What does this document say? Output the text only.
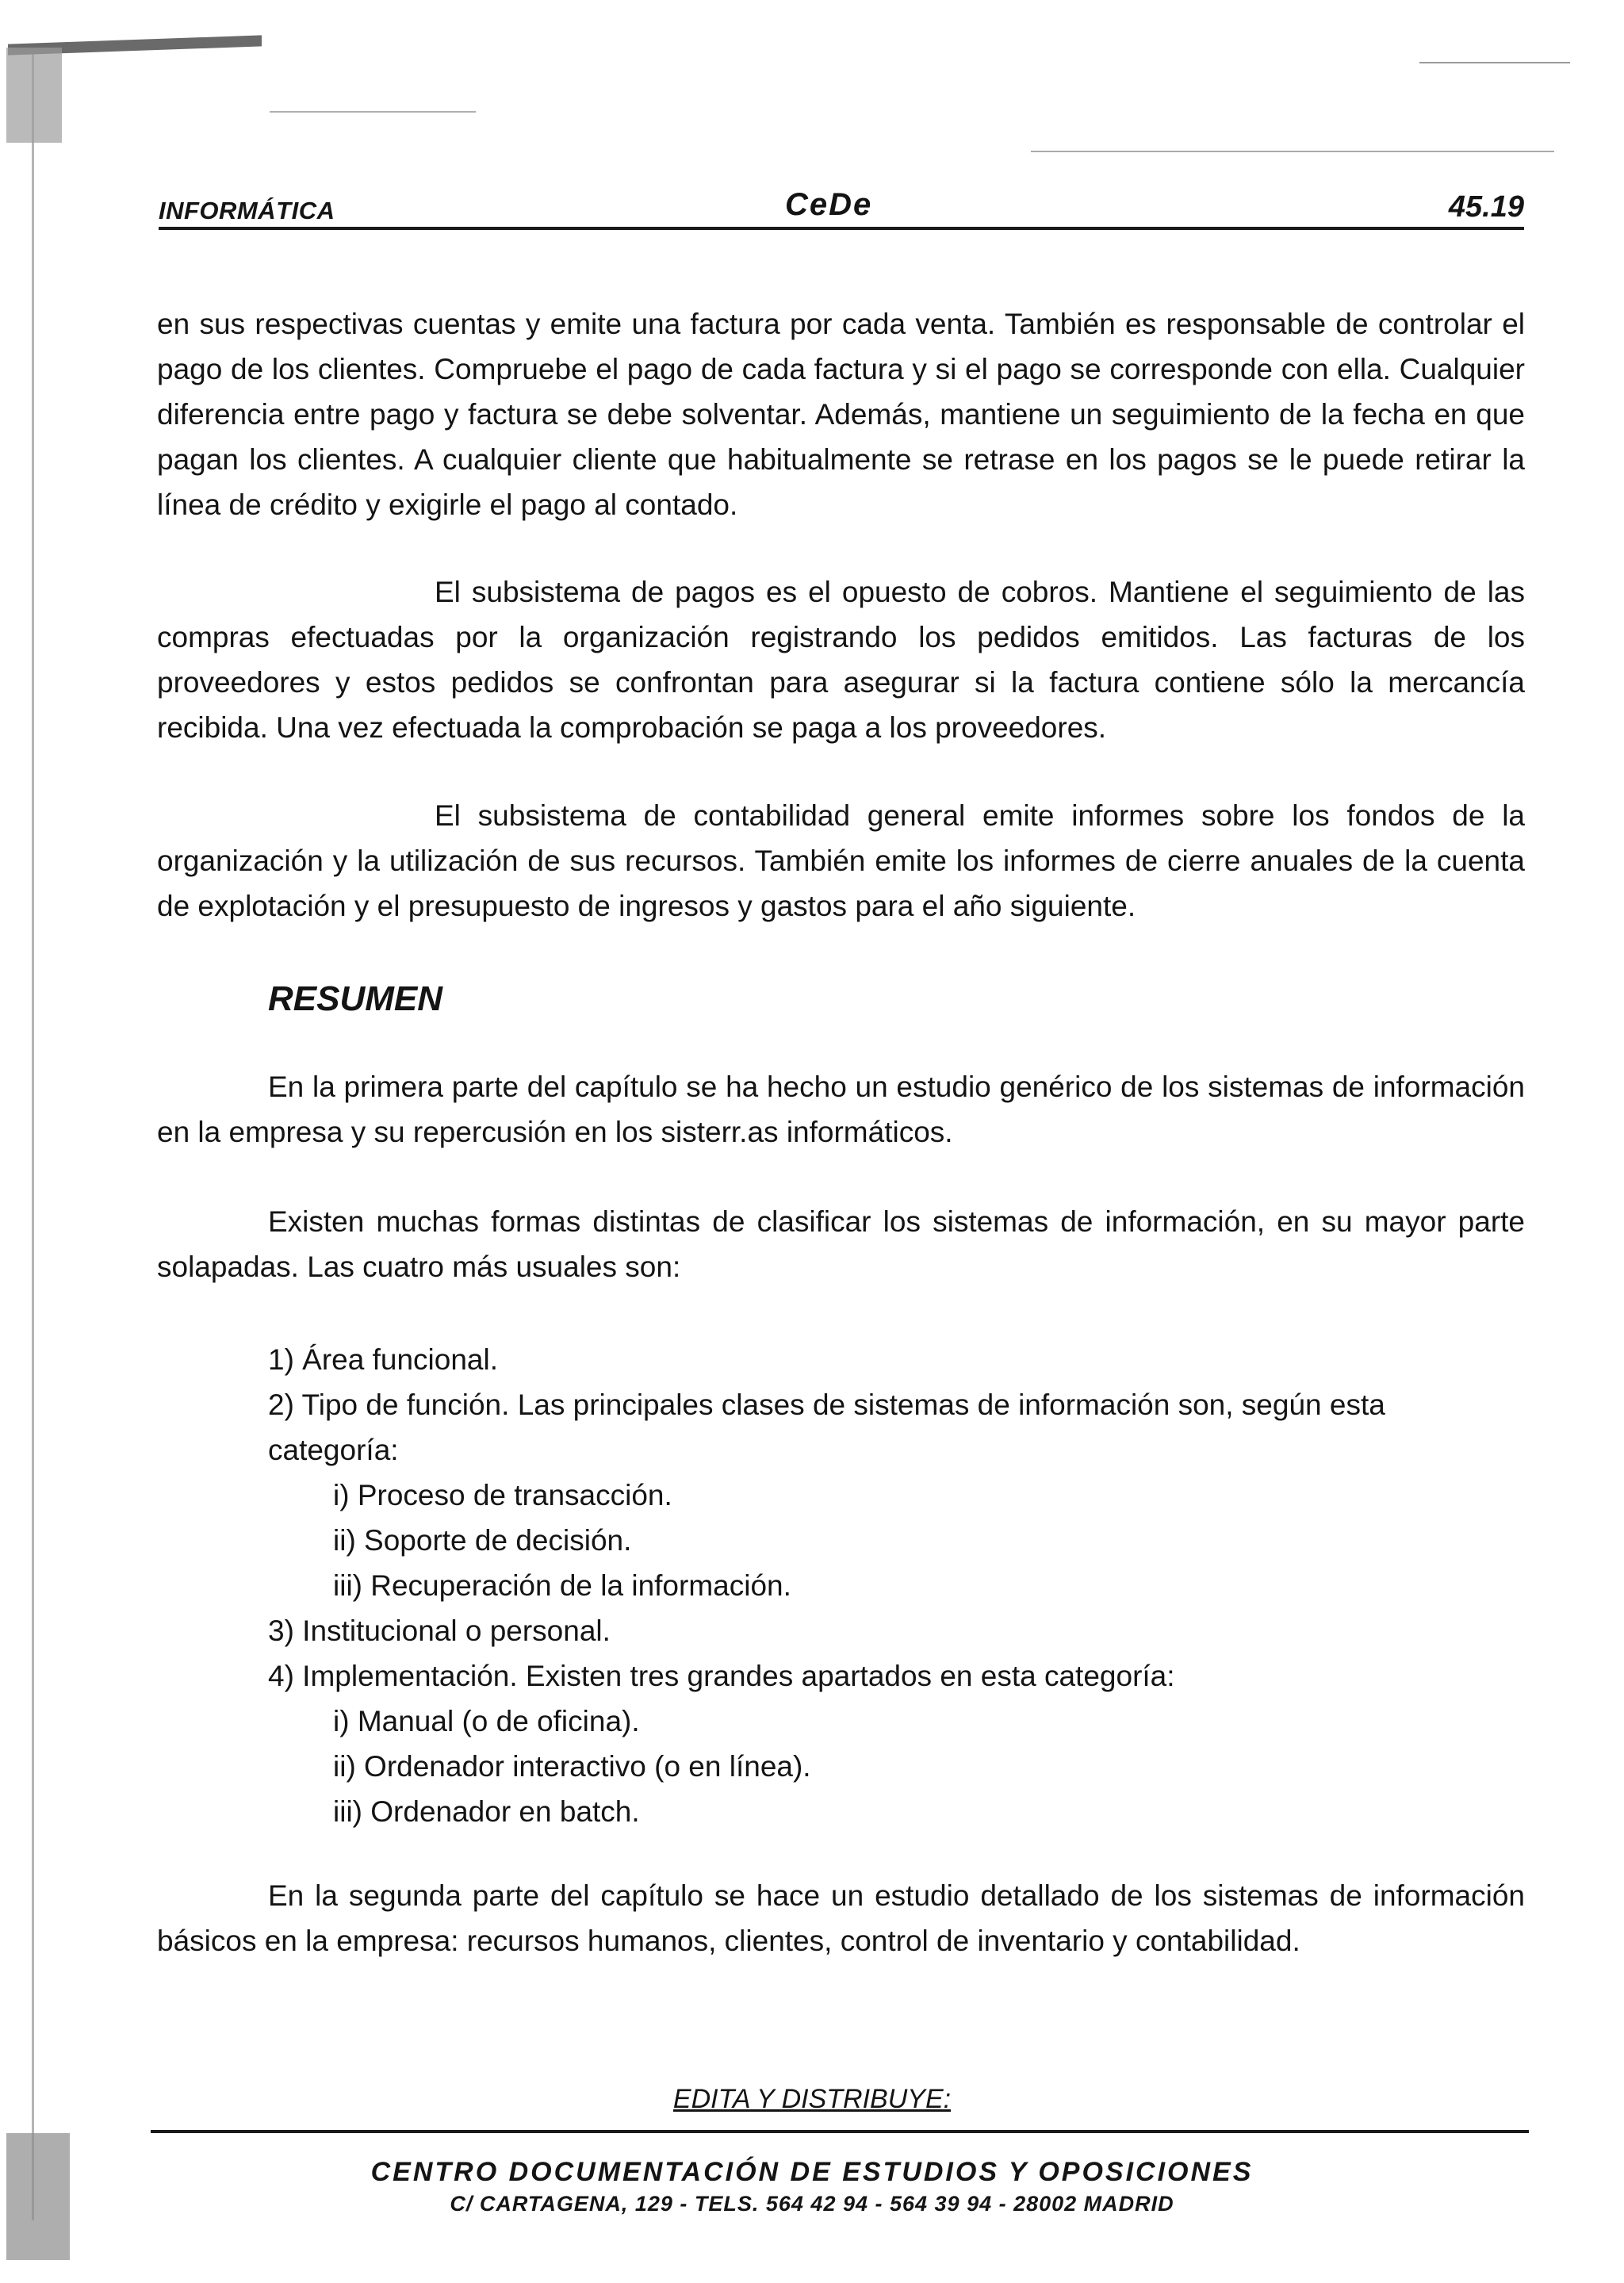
INFORMÁTICA	CeDe	45.19

en sus respectivas cuentas y emite una factura por cada venta. También es responsable de controlar el pago de los clientes. Compruebe el pago de cada factura y si el pago se corresponde con ella. Cualquier diferencia entre pago y factura se debe solventar. Además, mantiene un seguimiento de la fecha en que pagan los clientes. A cualquier cliente que habitualmente se retrase en los pagos se le puede retirar la línea de crédito y exigirle el pago al contado.

El subsistema de pagos es el opuesto de cobros. Mantiene el seguimiento de las compras efectuadas por la organización registrando los pedidos emitidos. Las facturas de los proveedores y estos pedidos se confrontan para asegurar si la factura contiene sólo la mercancía recibida. Una vez efectuada la comprobación se paga a los proveedores.

El subsistema de contabilidad general emite informes sobre los fondos de la organización y la utilización de sus recursos. También emite los informes de cierre anuales de la cuenta de explotación y el presupuesto de ingresos y gastos para el año siguiente.

RESUMEN

En la primera parte del capítulo se ha hecho un estudio genérico de los sistemas de información en la empresa y su repercusión en los sisterr.as informáticos.

Existen muchas formas distintas de clasificar los sistemas de información, en su mayor parte solapadas. Las cuatro más usuales son:

1) Área funcional.
2) Tipo de función. Las principales clases de sistemas de información son, según esta
categoría:
i) Proceso de transacción.
ii) Soporte de decisión.
iii) Recuperación de la información.
3) Institucional o personal.
4) Implementación. Existen tres grandes apartados en esta categoría:
i) Manual (o de oficina).
ii) Ordenador interactivo (o en línea).
iii) Ordenador en batch.

En la segunda parte del capítulo se hace un estudio detallado de los sistemas de información básicos en la empresa: recursos humanos, clientes, control de inventario y contabilidad.

EDITA Y DISTRIBUYE:
CENTRO DOCUMENTACIÓN DE ESTUDIOS Y OPOSICIONES
C/ CARTAGENA, 129 - TELS. 564 42 94 - 564 39 94 - 28002 MADRID
